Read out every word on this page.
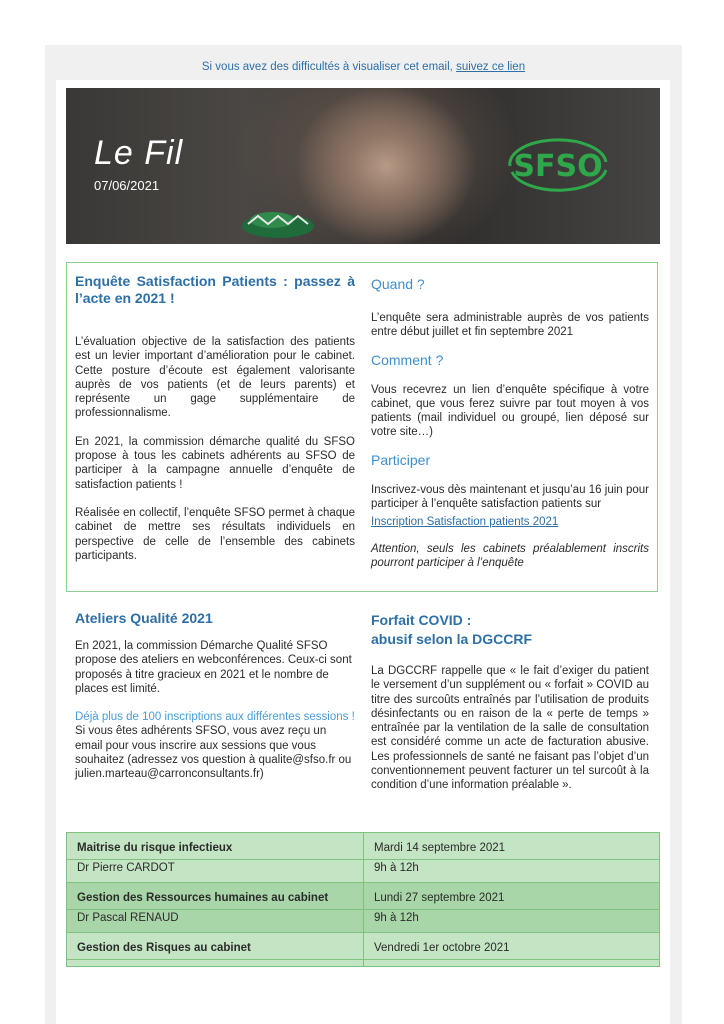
Si vous avez des difficultés à visualiser cet email, suivez ce lien
Le Fil
07/06/2021
SFSO

Enquête Satisfaction Patients : passez à l’acte en 2021 !

L’évaluation objective de la satisfaction des patients est un levier important d’amélioration pour le cabinet. Cette posture d’écoute est également valorisante auprès de vos patients (et de leurs parents) et représente un gage supplémentaire de professionnalisme.

En 2021, la commission démarche qualité du SFSO propose à tous les cabinets adhérents au SFSO de participer à la campagne annuelle d’enquête de satisfaction patients !

Réalisée en collectif, l’enquête SFSO permet à chaque cabinet de mettre ses résultats individuels en perspective de celle de l’ensemble des cabinets participants.

Quand ?

L’enquête sera administrable auprès de vos patients entre début juillet et fin septembre 2021

Comment ?

Vous recevrez un lien d’enquête spécifique à votre cabinet, que vous ferez suivre par tout moyen à vos patients (mail individuel ou groupé, lien déposé sur votre site…)

Participer

Inscrivez-vous dès maintenant et jusqu’au 16 juin pour participer à l’enquête satisfaction patients sur

Inscription Satisfaction patients 2021

Attention, seuls les cabinets préalablement inscrits pourront participer à l’enquête

Ateliers Qualité 2021

En 2021, la commission Démarche Qualité SFSO propose des ateliers en webconférences. Ceux-ci sont proposés à titre gracieux en 2021 et le nombre de places est limité.

Déjà plus de 100 inscriptions aux différentes sessions ! Si vous êtes adhérents SFSO, vous avez reçu un email pour vous inscrire aux sessions que vous souhaitez (adressez vos question à qualite@sfso.fr ou julien.marteau@carronconsultants.fr)

Forfait COVID :

abusif selon la DGCCRF

La DGCCRF rappelle que « le fait d’exiger du patient le versement d’un supplément ou « forfait » COVID au titre des surcoûts entraînés par l’utilisation de produits désinfectants ou en raison de la « perte de temps » entraînée par la ventilation de la salle de consultation est considéré comme un acte de facturation abusive. Les professionnels de santé ne faisant pas l’objet d’un conventionnement peuvent facturer un tel surcoût à la condition d’une information préalable ».

Maitrise du risque infectieux	Mardi 14 septembre 2021
Dr Pierre CARDOT	9h à 12h
Gestion des Ressources humaines au cabinet	Lundi 27 septembre 2021
Dr Pascal RENAUD	9h à 12h
Gestion des Risques au cabinet	Vendredi 1er octobre 2021
